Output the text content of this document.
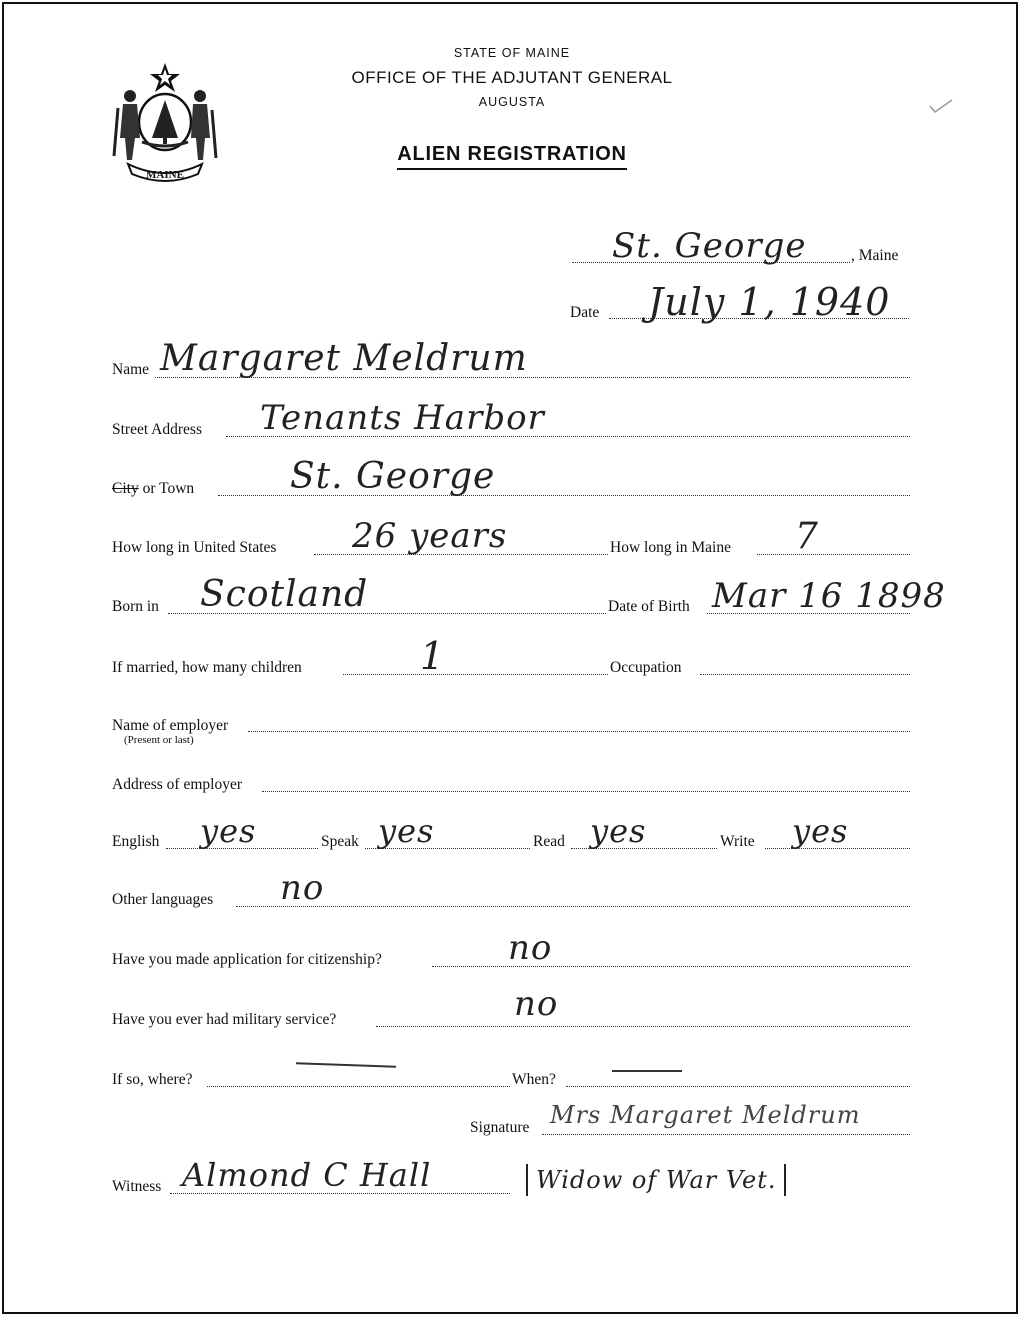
MAINE
STATE OF MAINE
OFFICE OF THE ADJUTANT GENERAL
AUGUSTA
ALIEN REGISTRATION
St. George	, Maine
Date July 1, 1940
Name Margaret Meldrum
Street Address Tenants Harbor
City or Town	St. George
How long in United States 26 years	How long in Maine 7
Born in Scotland	Date of Birth Mar 16 1898
If married, how many children	1	Occupation
Name of employer
(Present or last)
Address of employer
English yes	Speak yes	Read yes	Write yes
Other languages no
Have you made application for citizenship?	no
Have you ever had military service?	no
If so, where?	When?
Signature Mrs Margaret Meldrum
Witness Almond C Hall	Widow of War Vet.
